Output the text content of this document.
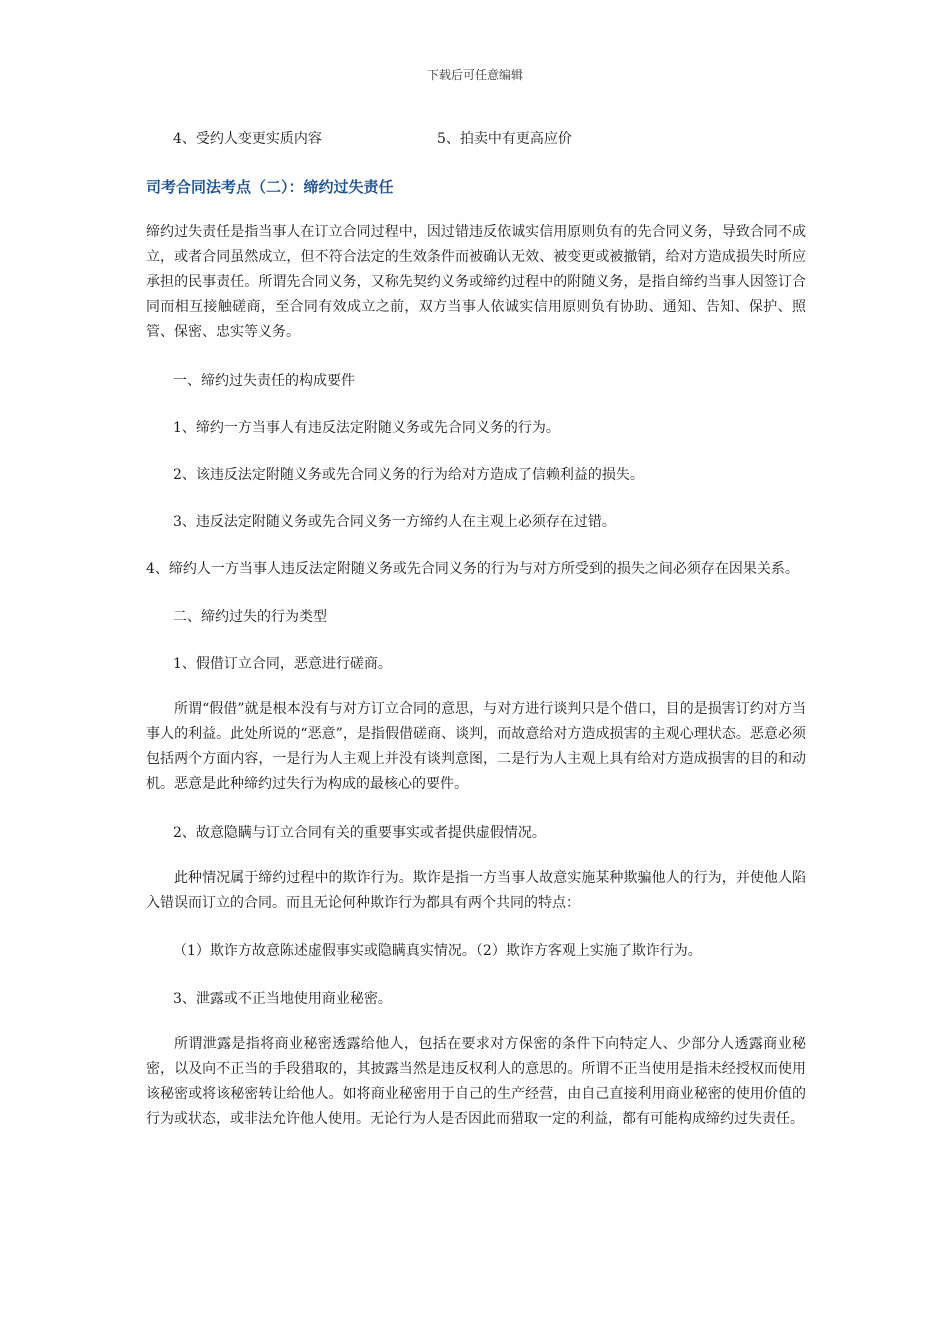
下载后可任意编辑
4、受约人变更实质内容	5、拍卖中有更高应价
司考合同法考点（二）：缔约过失责任
缔约过失责任是指当事人在订立合同过程中，因过错违反依诚实信用原则负有的先合同义务，导致合同不成立，或者合同虽然成立，但不符合法定的生效条件而被确认无效、被变更或被撤销，给对方造成损失时所应承担的民事责任。所谓先合同义务，又称先契约义务或缔约过程中的附随义务，是指自缔约当事人因签订合同而相互接触磋商，至合同有效成立之前，双方当事人依诚实信用原则负有协助、通知、告知、保护、照管、保密、忠实等义务。
一、缔约过失责任的构成要件
1、缔约一方当事人有违反法定附随义务或先合同义务的行为。
2、该违反法定附随义务或先合同义务的行为给对方造成了信赖利益的损失。
3、违反法定附随义务或先合同义务一方缔约人在主观上必须存在过错。
4、缔约人一方当事人违反法定附随义务或先合同义务的行为与对方所受到的损失之间必须存在因果关系。
二、缔约过失的行为类型
1、假借订立合同，恶意进行磋商。
所谓“假借”就是根本没有与对方订立合同的意思，与对方进行谈判只是个借口，目的是损害订约对方当事人的利益。此处所说的“恶意”，是指假借磋商、谈判，而故意给对方造成损害的主观心理状态。恶意必须包括两个方面内容，一是行为人主观上并没有谈判意图，二是行为人主观上具有给对方造成损害的目的和动机。恶意是此种缔约过失行为构成的最核心的要件。
2、故意隐瞒与订立合同有关的重要事实或者提供虚假情况。
此种情况属于缔约过程中的欺诈行为。欺诈是指一方当事人故意实施某种欺骗他人的行为，并使他人陷入错误而订立的合同。而且无论何种欺诈行为都具有两个共同的特点：
（1）欺诈方故意陈述虚假事实或隐瞒真实情况。（2）欺诈方客观上实施了欺诈行为。
3、泄露或不正当地使用商业秘密。
所谓泄露是指将商业秘密透露给他人，包括在要求对方保密的条件下向特定人、少部分人透露商业秘密，以及向不正当的手段猎取的，其披露当然是违反权利人的意思的。所谓不正当使用是指未经授权而使用该秘密或将该秘密转让给他人。如将商业秘密用于自己的生产经营，由自己直接利用商业秘密的使用价值的行为或状态，或非法允许他人使用。无论行为人是否因此而猎取一定的利益，都有可能构成缔约过失责任。
